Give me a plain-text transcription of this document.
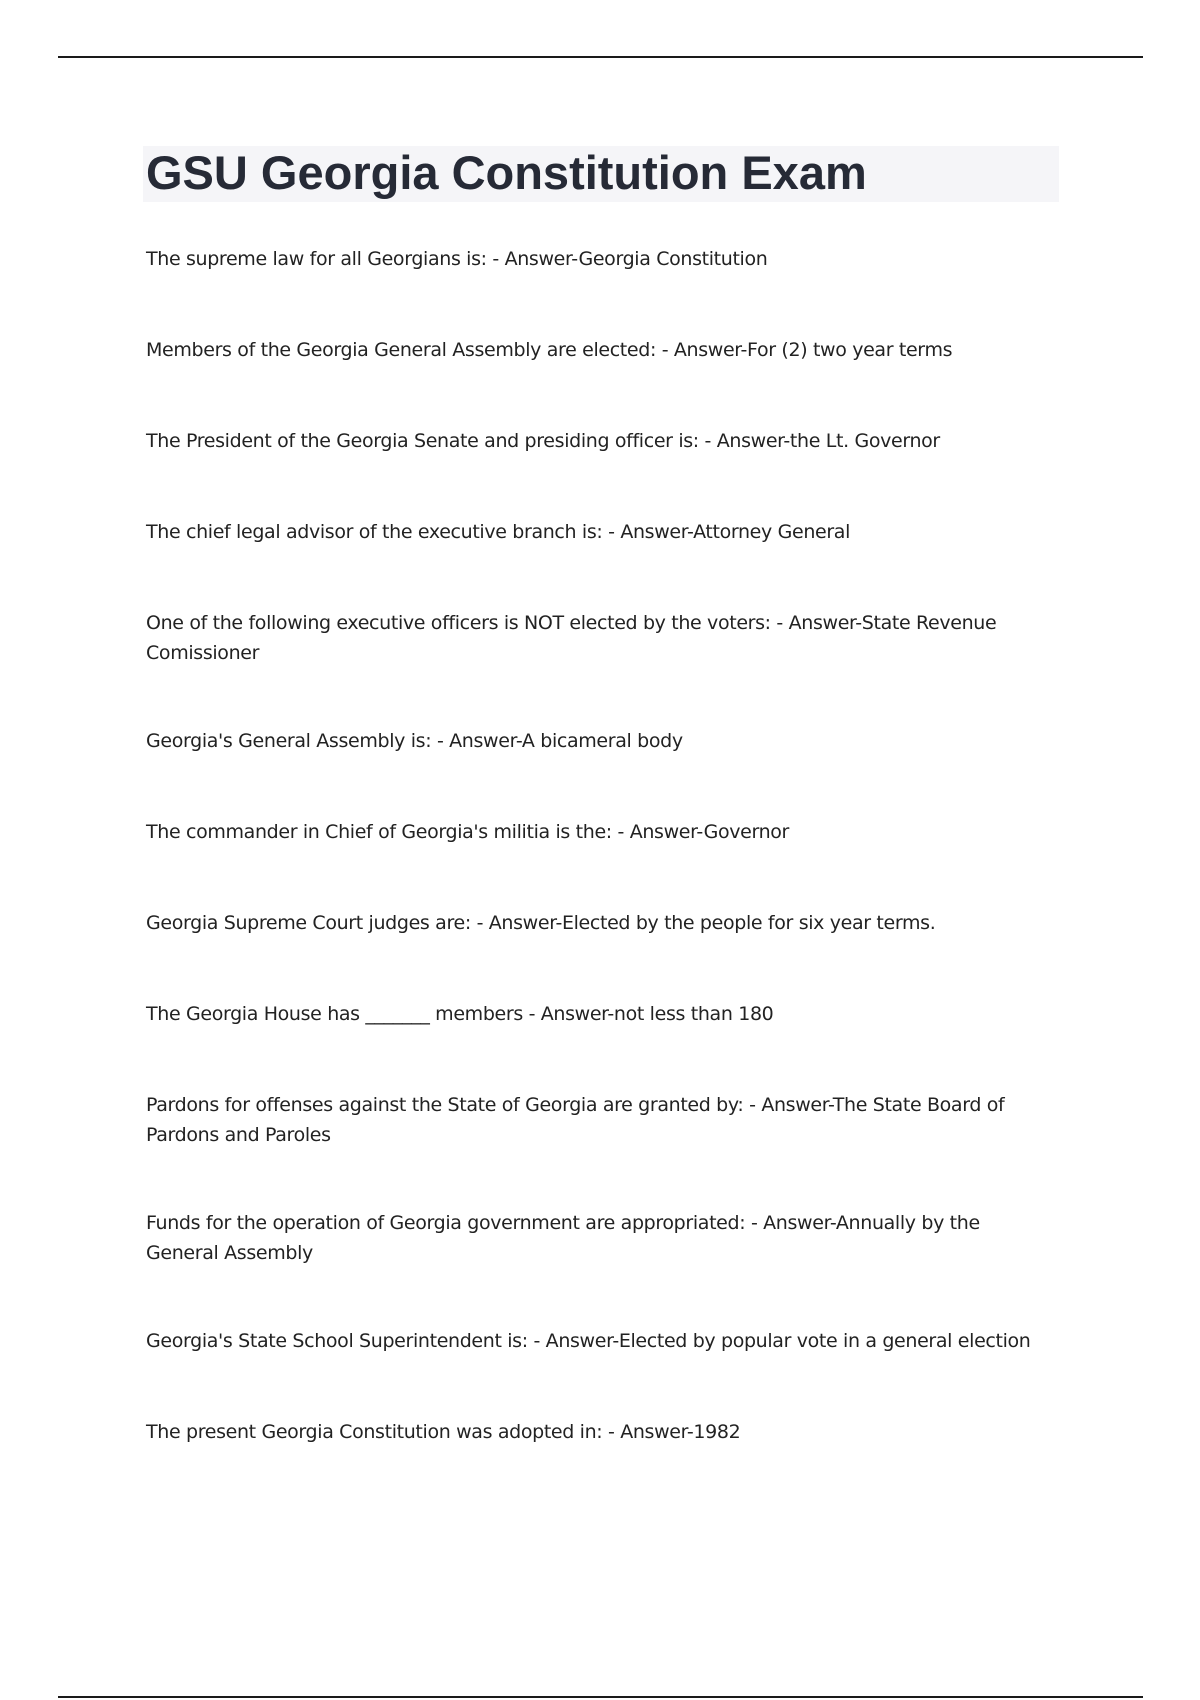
GSU Georgia Constitution Exam
The supreme law for all Georgians is: - Answer-Georgia Constitution
Members of the Georgia General Assembly are elected: - Answer-For (2) two year terms
The President of the Georgia Senate and presiding officer is: - Answer-the Lt. Governor
The chief legal advisor of the executive branch is: - Answer-Attorney General
One of the following executive officers is NOT elected by the voters: - Answer-State Revenue Comissioner
Georgia's General Assembly is: - Answer-A bicameral body
The commander in Chief of Georgia's militia is the: - Answer-Governor
Georgia Supreme Court judges are: - Answer-Elected by the people for six year terms.
The Georgia House has _______ members - Answer-not less than 180
Pardons for offenses against the State of Georgia are granted by: - Answer-The State Board of Pardons and Paroles
Funds for the operation of Georgia government are appropriated: - Answer-Annually by the General Assembly
Georgia's State School Superintendent is: - Answer-Elected by popular vote in a general election
The present Georgia Constitution was adopted in: - Answer-1982
